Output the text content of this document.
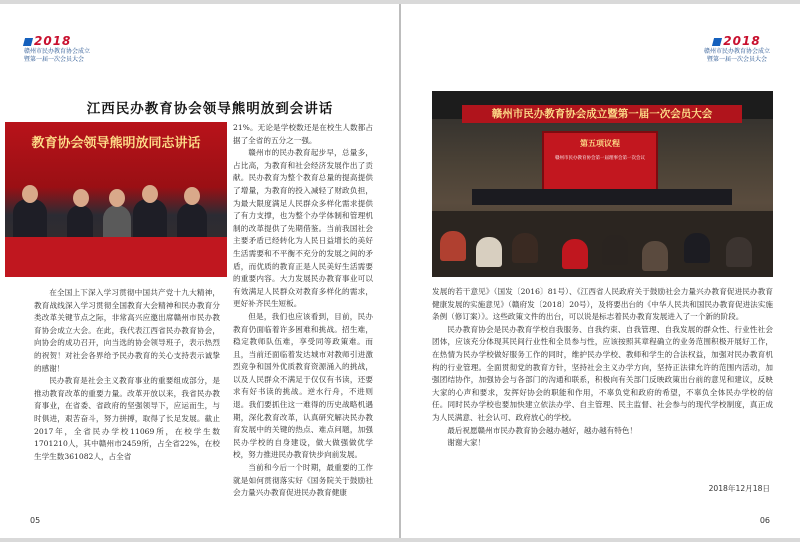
2018
赣州市民办教育协会成立
暨第一届一次会员大会
江西民办教育协会领导熊明放到会讲话
教育协会领导熊明放同志讲话

在全国上下深入学习贯彻中国共产党十九大精神，教育战线深入学习贯彻全国教育大会精神和民办教育分类改革关键节点之际，非常高兴应邀出席赣州市民办教育协会成立大会。在此，我代表江西省民办教育协会，向协会的成功召开，向当选的协会领导班子，表示热烈的祝贺！对社会各界给予民办教育的关心支持表示诚挚的感谢！

民办教育是社会主义教育事业的重要组成部分，是推动教育改革的重要力量。改革开放以来，我省民办教育事业，在省委、省政府的坚强领导下，应运而生，与时俱进，艰苦奋斗，努力拼搏，取得了长足发展。截止2017年，全省民办学校11069所，在校学生数1701210人，其中赣州市2459所，占全省22%，在校生学生数361082人，占全省

21%。无论是学校数还是在校生人数都占据了全省的五分之一强。

赣州市的民办教育起步早，总量多，占比高，为教育和社会经济发展作出了贡献。民办教育为整个教育总量的提高提供了增量，为教育的投入减轻了财政负担，为最大限度满足人民群众多样化需求提供了有力支撑，也为整个办学体制和管理机制的改革提供了先期借鉴。当前我国社会主要矛盾已经转化为人民日益增长的美好生活需要和不平衡不充分的发展之间的矛盾，而优质的教育正是人民美好生活需要的重要内容。大力发展民办教育事业可以有效满足人民群众对教育多样化的需求，更好补齐民生短板。

但是，我们也应该看到，目前，民办教育仍面临着许多困难和挑战。招生难，稳定教师队伍难，享受同等政策难。而且，当前还面临着发达城市对教师引进激烈竞争和国外优质教育资源涌入的挑战，以及人民群众不满足于仅仅有书读，还要求有好书读的挑战。逆水行舟，不进则退。我们要抓住这一难得的历史战略机遇期，深化教育改革，认真研究解决民办教育发展中的关键的热点、难点问题，加强民办学校的自身建设，做大做强做优学校，努力推进民办教育快步向前发展。

当前和今后一个时期，最重要的工作就是如何贯彻落实好《国务院关于鼓励社会力量兴办教育促进民办教育健康

05
2018
赣州市民办教育协会成立
暨第一届一次会员大会
赣州市民办教育协会成立暨第一届一次会员大会
第五项议程
赣州市民办教育协会第一届理事会第一次会议

发展的若干意见》（国发〔2016〕81号）、《江西省人民政府关于鼓励社会力量兴办教育促进民办教育健康发展的实施意见》（赣府发〔2018〕20号），及将要出台的《中华人民共和国民办教育促进法实施条例（修订案）》。这些政策文件的出台，可以说是标志着民办教育发展进入了一个新的阶段。

民办教育协会是民办教育学校自我服务、自我约束、自我管理、自我发展的群众性、行业性社会团体，应该充分体现其民间行业性和全员参与性，应该按照其章程确立的业务范围积极开展好工作，在热情为民办学校做好服务工作的同时，维护民办学校、教师和学生的合法权益，加强对民办教育机构的行业管理。全面贯彻党的教育方针，坚持社会主义办学方向，坚持正法律允许的范围内活动，加强团结协作，加强协会与各部门的沟通和联系，积极向有关部门反映政策出台前的意见和建议，反映大家的心声和要求，发挥好协会的职能和作用，不辜负党和政府的希望，不辜负全体民办学校的信任。同时民办学校也要加快建立依法办学、自主管理、民主监督、社会参与的现代学校制度，真正成为人民满意、社会认可、政府放心的学校。

最后祝愿赣州市民办教育协会越办越好，越办越有特色！

谢谢大家！

2018年12月18日
06
